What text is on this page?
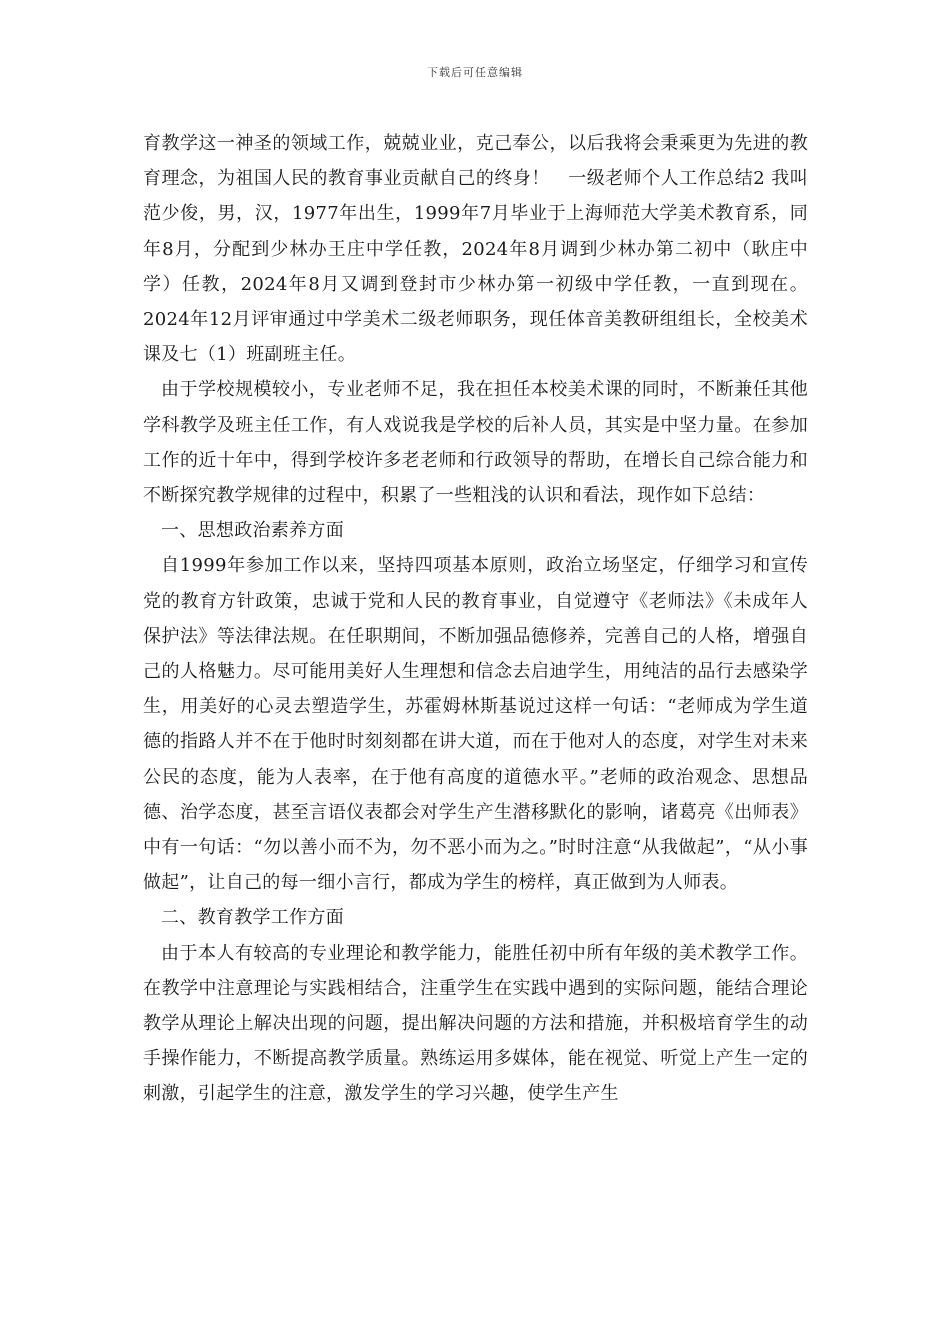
下载后可任意编辑

育教学这一神圣的领域工作，兢兢业业，克己奉公，以后我将会秉乘更为先进的教育理念，为祖国人民的教育事业贡献自己的终身！　一级老师个人工作总结2 我叫范少俊，男，汉，1977年出生，1999年7月毕业于上海师范大学美术教育系，同年8月，分配到少林办王庄中学任教，2024年8月调到少林办第二初中（耿庄中学）任教，2024年8月又调到登封市少林办第一初级中学任教，一直到现在。2024年12月评审通过中学美术二级老师职务，现任体音美教研组组长，全校美术课及七（1）班副班主任。

由于学校规模较小，专业老师不足，我在担任本校美术课的同时，不断兼任其他学科教学及班主任工作，有人戏说我是学校的后补人员，其实是中坚力量。在参加工作的近十年中，得到学校许多老老师和行政领导的帮助，在增长自己综合能力和不断探究教学规律的过程中，积累了一些粗浅的认识和看法，现作如下总结：

一、思想政治素养方面

自1999年参加工作以来，坚持四项基本原则，政治立场坚定，仔细学习和宣传党的教育方针政策，忠诚于党和人民的教育事业，自觉遵守《老师法》《未成年人保护法》等法律法规。在任职期间，不断加强品德修养，完善自己的人格，增强自己的人格魅力。尽可能用美好人生理想和信念去启迪学生，用纯洁的品行去感染学生，用美好的心灵去塑造学生，苏霍姆林斯基说过这样一句话：“老师成为学生道德的指路人并不在于他时时刻刻都在讲大道，而在于他对人的态度，对学生对未来公民的态度，能为人表率，在于他有高度的道德水平。”老师的政治观念、思想品德、治学态度，甚至言语仪表都会对学生产生潜移默化的影响，诸葛亮《出师表》中有一句话：“勿以善小而不为，勿不恶小而为之。”时时注意“从我做起”，“从小事做起”，让自己的每一细小言行，都成为学生的榜样，真正做到为人师表。

二、教育教学工作方面

由于本人有较高的专业理论和教学能力，能胜任初中所有年级的美术教学工作。在教学中注意理论与实践相结合，注重学生在实践中遇到的实际问题，能结合理论教学从理论上解决出现的问题，提出解决问题的方法和措施，并积极培育学生的动手操作能力，不断提高教学质量。熟练运用多媒体，能在视觉、听觉上产生一定的刺激，引起学生的注意，激发学生的学习兴趣，使学生产生
